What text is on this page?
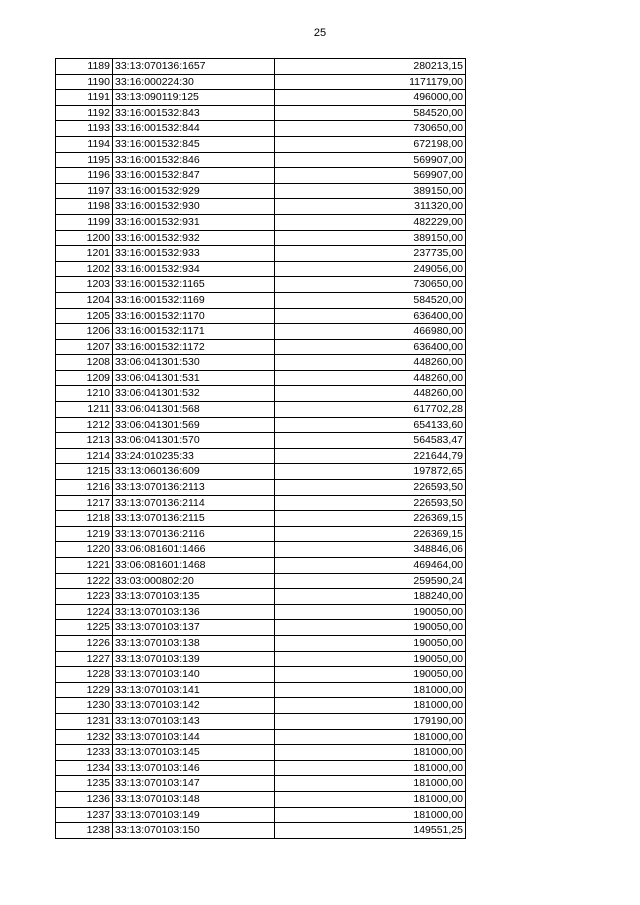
25
1189	33:13:070136:1657	280213,15
1190	33:16:000224:30	1171179,00
1191	33:13:090119:125	496000,00
1192	33:16:001532:843	584520,00
1193	33:16:001532:844	730650,00
1194	33:16:001532:845	672198,00
1195	33:16:001532:846	569907,00
1196	33:16:001532:847	569907,00
1197	33:16:001532:929	389150,00
1198	33:16:001532:930	311320,00
1199	33:16:001532:931	482229,00
1200	33:16:001532:932	389150,00
1201	33:16:001532:933	237735,00
1202	33:16:001532:934	249056,00
1203	33:16:001532:1165	730650,00
1204	33:16:001532:1169	584520,00
1205	33:16:001532:1170	636400,00
1206	33:16:001532:1171	466980,00
1207	33:16:001532:1172	636400,00
1208	33:06:041301:530	448260,00
1209	33:06:041301:531	448260,00
1210	33:06:041301:532	448260,00
1211	33:06:041301:568	617702,28
1212	33:06:041301:569	654133,60
1213	33:06:041301:570	564583,47
1214	33:24:010235:33	221644,79
1215	33:13:060136:609	197872,65
1216	33:13:070136:2113	226593,50
1217	33:13:070136:2114	226593,50
1218	33:13:070136:2115	226369,15
1219	33:13:070136:2116	226369,15
1220	33:06:081601:1466	348846,06
1221	33:06:081601:1468	469464,00
1222	33:03:000802:20	259590,24
1223	33:13:070103:135	188240,00
1224	33:13:070103:136	190050,00
1225	33:13:070103:137	190050,00
1226	33:13:070103:138	190050,00
1227	33:13:070103:139	190050,00
1228	33:13:070103:140	190050,00
1229	33:13:070103:141	181000,00
1230	33:13:070103:142	181000,00
1231	33:13:070103:143	179190,00
1232	33:13:070103:144	181000,00
1233	33:13:070103:145	181000,00
1234	33:13:070103:146	181000,00
1235	33:13:070103:147	181000,00
1236	33:13:070103:148	181000,00
1237	33:13:070103:149	181000,00
1238	33:13:070103:150	149551,25
